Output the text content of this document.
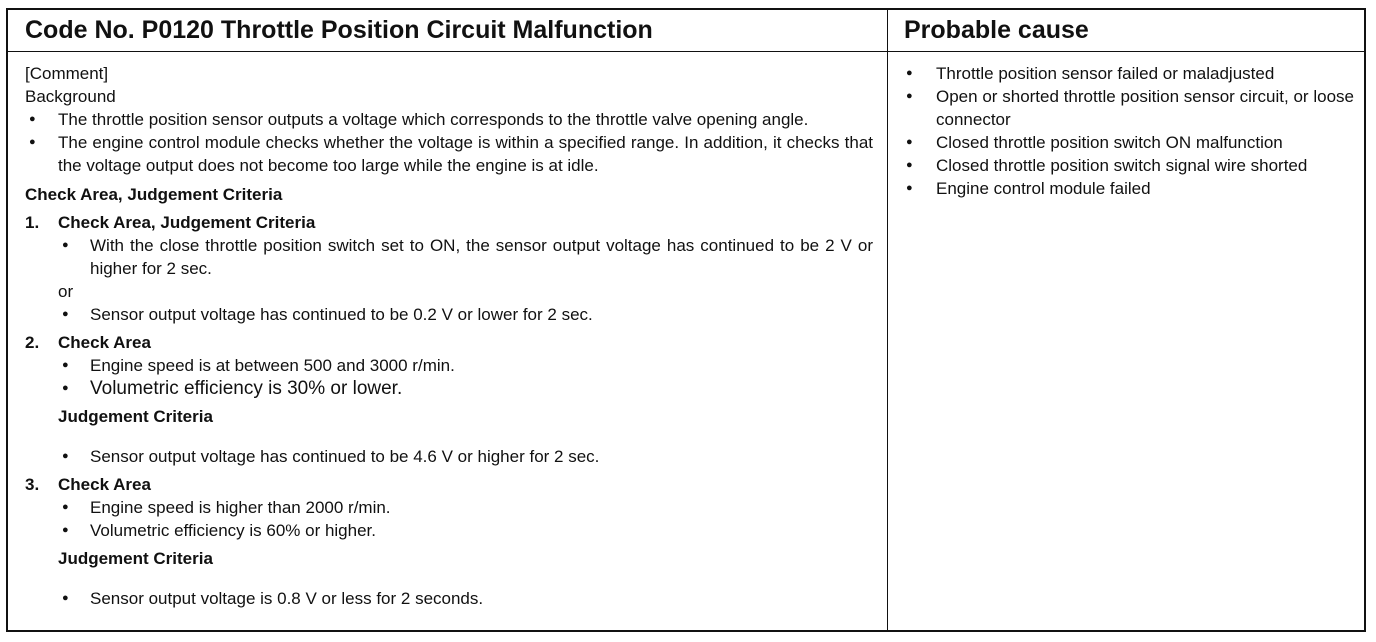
Code No. P0120 Throttle Position Circuit Malfunction

[Comment]

Background

● The throttle position sensor outputs a voltage which corresponds to the throttle valve opening angle.
● The engine control module checks whether the voltage is within a specified range. In addition, it checks that the voltage output does not become too large while the engine is at idle.

Check Area, Judgement Criteria

1. Check Area, Judgement Criteria
● With the close throttle position switch set to ON, the sensor output voltage has continued to be 2 V or higher for 2 sec.

or

● Sensor output voltage has continued to be 0.2 V or lower for 2 sec.
2. Check Area
● Engine speed is at between 500 and 3000 r/min.
● Volumetric efficiency is 30% or lower.

Judgement Criteria

● Sensor output voltage has continued to be 4.6 V or higher for 2 sec.
3. Check Area
● Engine speed is higher than 2000 r/min.
● Volumetric efficiency is 60% or higher.

Judgement Criteria

● Sensor output voltage is 0.8 V or less for 2 seconds.
Probable cause
● Throttle position sensor failed or maladjusted
● Open or shorted throttle position sensor circuit, or loose connector
● Closed throttle position switch ON malfunction
● Closed throttle position switch signal wire shorted
● Engine control module failed
